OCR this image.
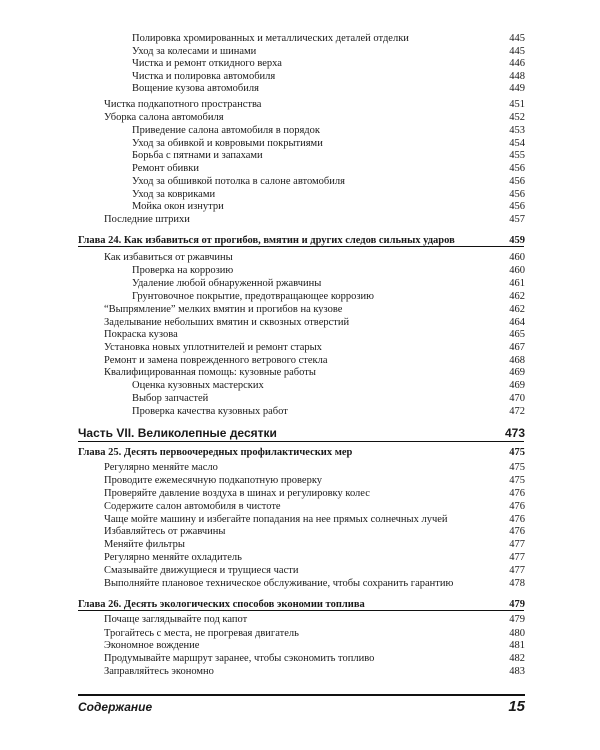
Полировка хромированных и металлических деталей отделки	445
Уход за колесами и шинами	445
Чистка и ремонт откидного верха	446
Чистка и полировка автомобиля	448
Вощение кузова автомобиля	449
Чистка подкапотного пространства	451
Уборка салона автомобиля	452
Приведение салона автомобиля в порядок	453
Уход за обивкой и ковровыми покрытиями	454
Борьба с пятнами и запахами	455
Ремонт обивки	456
Уход за обшивкой потолка в салоне автомобиля	456
Уход за ковриками	456
Мойка окон изнутри	456
Последние штрихи	457
Глава 24. Как избавиться от прогибов, вмятин и других следов сильных ударов	459
Как избавиться от ржавчины	460
Проверка на коррозию	460
Удаление любой обнаруженной ржавчины	461
Грунтовочное покрытие, предотвращающее коррозию	462
“Выпрямление” мелких вмятин и прогибов на кузове	462
Заделывание небольших вмятин и сквозных отверстий	464
Покраска кузова	465
Установка новых уплотнителей и ремонт старых	467
Ремонт и замена поврежденного ветрового стекла	468
Квалифицированная помощь: кузовные работы	469
Оценка кузовных мастерских	469
Выбор запчастей	470
Проверка качества кузовных работ	472
Часть VII. Великолепные десятки	473
Глава 25. Десять первоочередных профилактических мер	475
Регулярно меняйте масло	475
Проводите ежемесячную подкапотную проверку	475
Проверяйте давление воздуха в шинах и регулировку колес	476
Содержите салон автомобиля в чистоте	476
Чаще мойте машину и избегайте попадания на нее прямых солнечных лучей	476
Избавляйтесь от ржавчины	476
Меняйте фильтры	477
Регулярно меняйте охладитель	477
Смазывайте движущиеся и трущиеся части	477
Выполняйте плановое техническое обслуживание, чтобы сохранить гарантию	478
Глава 26. Десять экологических способов экономии топлива	479
Почаще заглядывайте под капот	479
Трогайтесь с места, не прогревая двигатель	480
Экономное вождение	481
Продумывайте маршрут заранее, чтобы сэкономить топливо	482
Заправляйтесь экономно	483
Содержание	15
